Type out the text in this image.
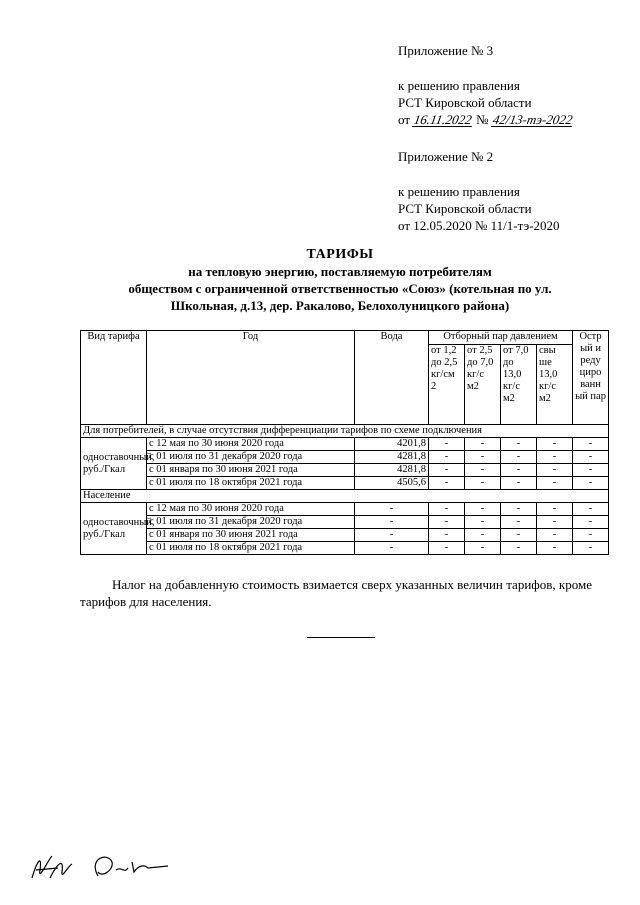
Приложение № 3
к решению правления
РСТ Кировской области
от 16.11.2022 № 42/13-тэ-2022
Приложение № 2
к решению правления
РСТ Кировской области
от 12.05.2020 № 11/1-тэ-2020
ТАРИФЫ
на тепловую энергию, поставляемую потребителям
обществом с ограниченной ответственностью «Союз» (котельная по ул.
Школьная, д.13, дер. Ракалово, Белохолуницкого района)
Вид тарифа	Год	Вода	Отборный пар давлением				Остр ый и реду циро ванн ый пар
			от 1,2 до 2,5 кг/см 2	от 2,5 до 7,0 кг/с м2	от 7,0 до 13,0 кг/с м2	свы ше 13,0 кг/с м2	
Для потребителей, в случае отсутствия дифференциации тарифов по схеме подключения							
одноставочный, руб./Гкал	с 12 мая по 30 июня 2020 года	4201,8	-	-	-	-	-
	с 01 июля по 31 декабря 2020 года	4281,8	-	-	-	-	-
	с 01 января по 30 июня 2021 года	4281,8	-	-	-	-	-
	с 01 июля по 18 октября 2021 года	4505,6	-	-	-	-	-
Население							
одноставочный, руб./Гкал	с 12 мая по 30 июня 2020 года	-	-	-	-	-	-
	с 01 июля по 31 декабря 2020 года	-	-	-	-	-	-
	с 01 января по 30 июня 2021 года	-	-	-	-	-	-
	с 01 июля по 18 октября 2021 года	-	-	-	-	-	-
Налог на добавленную стоимость взимается сверх указанных величин тарифов, кроме тарифов для населения.
